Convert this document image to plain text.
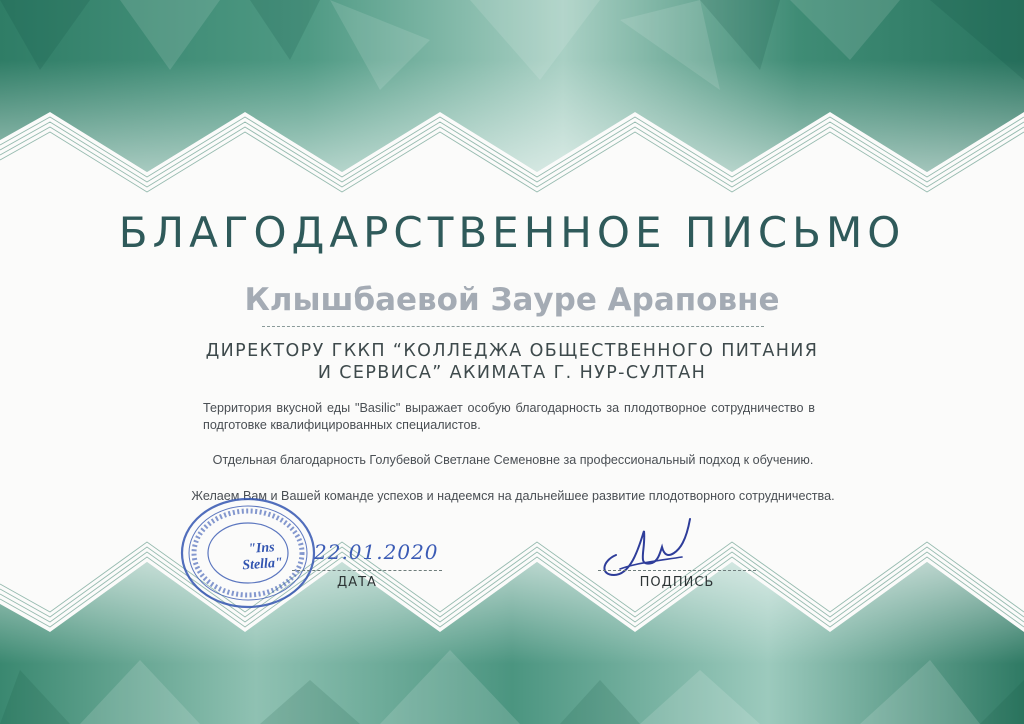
БЛАГОДАРСТВЕННОЕ ПИСЬМО
Клышбаевой Зауре Араповне
ДИРЕКТОРУ ГККП “КОЛЛЕДЖА ОБЩЕСТВЕННОГО ПИТАНИЯ
И СЕРВИСА” АКИМАТА Г. НУР-СУЛТАН
Территория вкусной еды "Basilic" выражает особую благодарность за плодотворное сотрудничество в подготовке квалифицированных специалистов.
Отдельная благодарность Голубевой Светлане Семеновне за профессиональный подход к обучению.
Желаем Вам и Вашей команде успехов и надеемся на дальнейшее развитие плодотворного сотрудничества.
"Ins Stella"
22.01.2020
ДАТА	ПОДПИСЬ
